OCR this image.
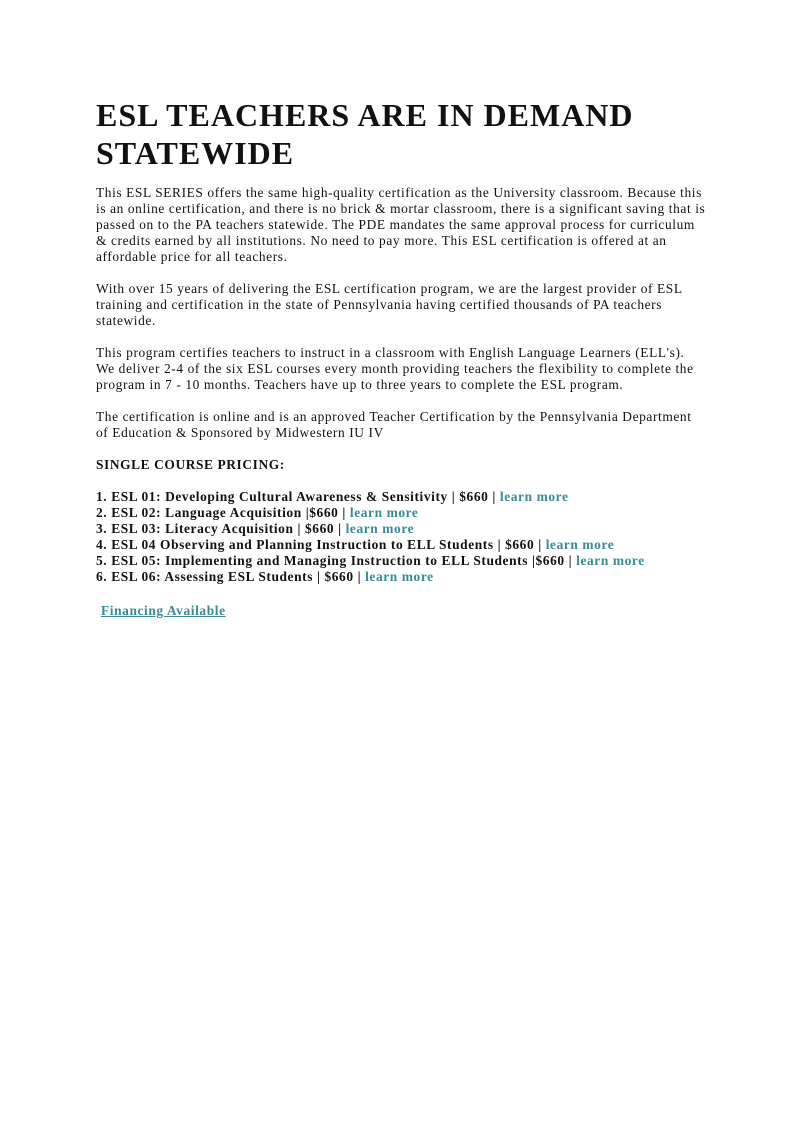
ESL TEACHERS ARE IN DEMAND STATEWIDE

This ESL SERIES offers the same high-quality certification as the University classroom. Because this is an online certification, and there is no brick & mortar classroom, there is a significant saving that is passed on to the PA teachers statewide. The PDE mandates the same approval process for curriculum & credits earned by all institutions. No need to pay more. This ESL certification is offered at an affordable price for all teachers.

With over 15 years of delivering the ESL certification program, we are the largest provider of ESL training and certification in the state of Pennsylvania having certified thousands of PA teachers statewide.

This program certifies teachers to instruct in a classroom with English Language Learners (ELL's). We deliver 2-4 of the six ESL courses every month providing teachers the flexibility to complete the program in 7 - 10 months. Teachers have up to three years to complete the ESL program.

The certification is online and is an approved Teacher Certification by the Pennsylvania Department of Education & Sponsored by Midwestern IU IV

SINGLE COURSE PRICING:
1. ESL 01: Developing Cultural Awareness & Sensitivity | $660 | learn more
2. ESL 02: Language Acquisition |$660 | learn more
3. ESL 03: Literacy Acquisition | $660 | learn more
4. ESL 04 Observing and Planning Instruction to ELL Students | $660 | learn more
5. ESL 05: Implementing and Managing Instruction to ELL Students |$660 | learn more
6. ESL 06: Assessing ESL Students | $660 | learn more
Financing Available
